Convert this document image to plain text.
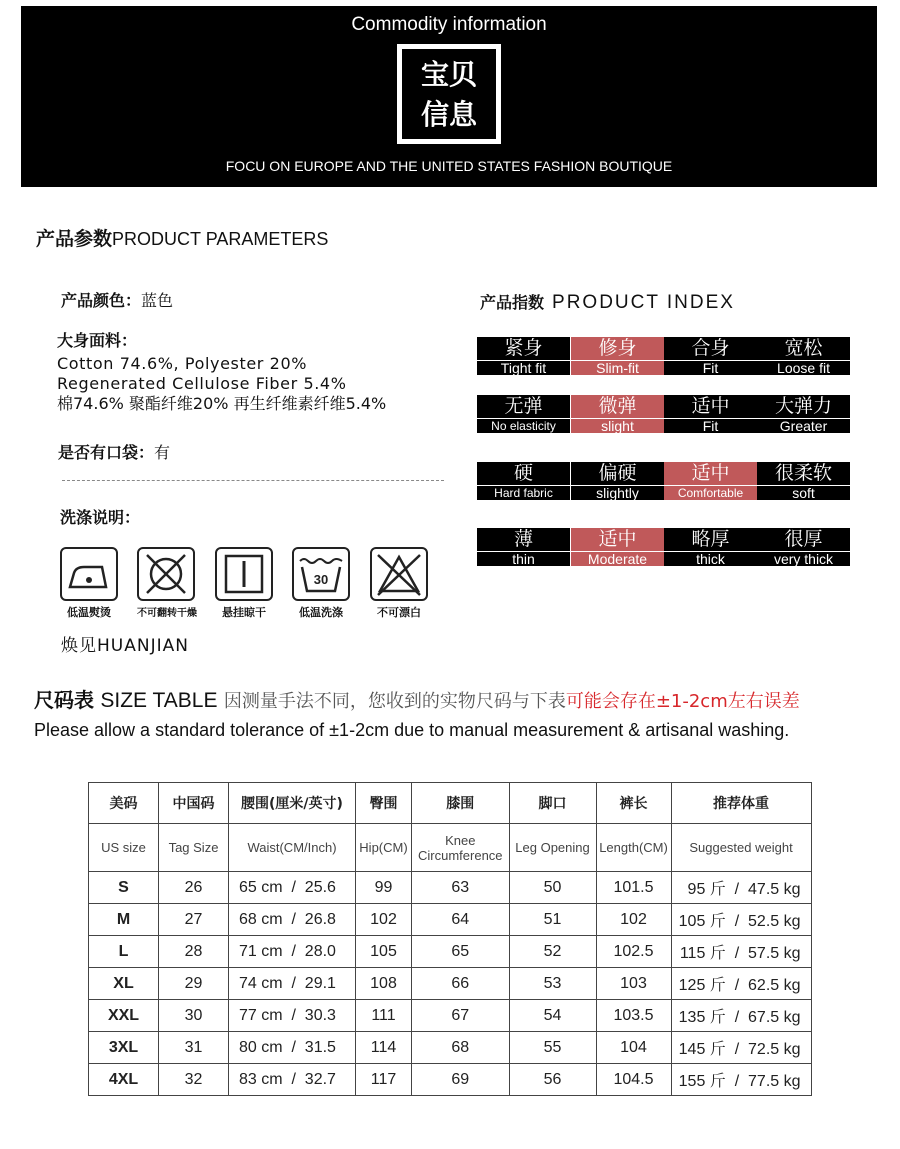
Commodity information
宝贝
信息
FOCU ON EUROPE AND THE UNITED STATES FASHION BOUTIQUE
产品参数PRODUCT PARAMETERS
产品颜色：蓝色
大身面料：
Cotton 74.6%, Polyester 20%
Regenerated Cellulose Fiber 5.4%
棉74.6% 聚酯纤维20% 再生纤维素纤维5.4%
是否有口袋：有
洗涤说明：
30
低温熨烫	不可翻转干燥	悬挂晾干	低温洗涤	不可漂白
焕见HUANJIAN
产品指数 PRODUCT INDEX
紧身
Tight fit
修身
Slim-fit
合身
Fit
宽松
Loose fit
无弹
No elasticity
微弹
slight
适中
Fit
大弹力
Greater
硬
Hard fabric
偏硬
slightly
适中
Comfortable
很柔软
soft
薄
thin
适中
Moderate
略厚
thick
很厚
very thick
尺码表 SIZE TABLE 因测量手法不同，您收到的实物尺码与下表可能会存在±1-2cm左右误差
Please allow a standard tolerance of ±1-2cm due to manual measurement & artisanal washing.
美码	中国码	腰围(厘米/英寸)	臀围	膝围	脚口	裤长	推荐体重
US size	Tag Size	Waist(CM/Inch)	Hip(CM)	Knee Circumference	Leg Opening	Length(CM)	Suggested weight
S	26	65 cm  /  25.6	99	63	50	101.5	95 斤  /  47.5 kg
M	27	68 cm  /  26.8	102	64	51	102	105 斤  /  52.5 kg
L	28	71 cm  /  28.0	105	65	52	102.5	115 斤  /  57.5 kg
XL	29	74 cm  /  29.1	108	66	53	103	125 斤  /  62.5 kg
XXL	30	77 cm  /  30.3	111	67	54	103.5	135 斤  /  67.5 kg
3XL	31	80 cm  /  31.5	114	68	55	104	145 斤  /  72.5 kg
4XL	32	83 cm  /  32.7	117	69	56	104.5	155 斤  /  77.5 kg
